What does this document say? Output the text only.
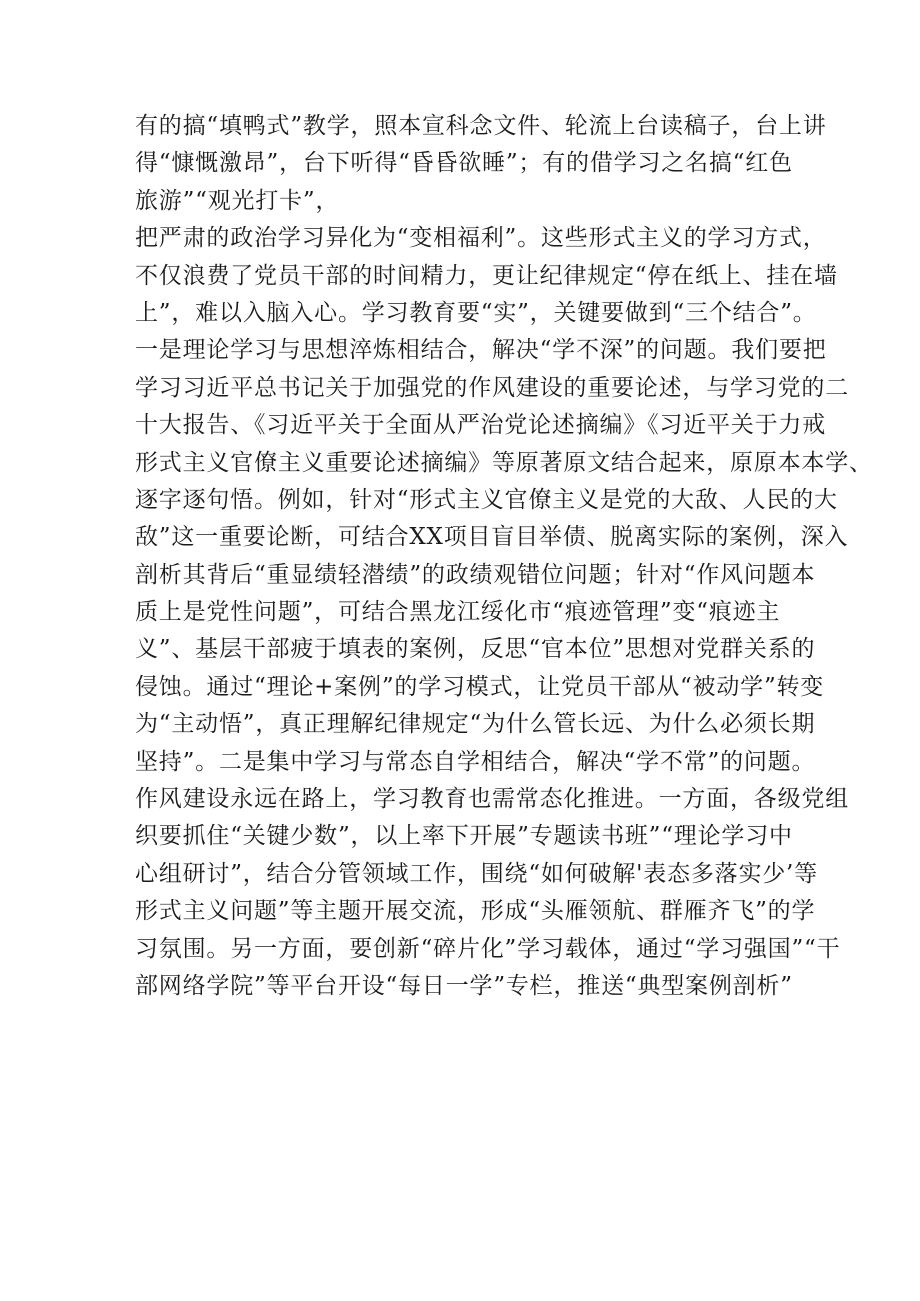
有的搞“填鸭式”教学，照本宣科念文件、轮流上台读稿子，台上讲
得“慷慨激昂”，台下听得“昏昏欲睡”；有的借学习之名搞“红色
旅游”“观光打卡”，
把严肃的政治学习异化为“变相福利”。这些形式主义的学习方式，
不仅浪费了党员干部的时间精力，更让纪律规定“停在纸上、挂在墙
上”，难以入脑入心。学习教育要“实”，关键要做到“三个结合”。
一是理论学习与思想淬炼相结合，解决“学不深”的问题。我们要把
学习习近平总书记关于加强党的作风建设的重要论述，与学习党的二
十大报告、《习近平关于全面从严治党论述摘编》《习近平关于力戒
形式主义官僚主义重要论述摘编》等原著原文结合起来，原原本本学、
逐字逐句悟。例如，针对“形式主义官僚主义是党的大敌、人民的大
敌”这一重要论断，可结合XX项目盲目举债、脱离实际的案例，深入
剖析其背后“重显绩轻潜绩”的政绩观错位问题；针对“作风问题本
质上是党性问题”，可结合黑龙江绥化市“痕迹管理”变“痕迹主
义”、基层干部疲于填表的案例，反思“官本位”思想对党群关系的
侵蚀。通过“理论+案例”的学习模式，让党员干部从“被动学”转变
为“主动悟”，真正理解纪律规定“为什么管长远、为什么必须长期
坚持”。二是集中学习与常态自学相结合，解决“学不常”的问题。
作风建设永远在路上，学习教育也需常态化推进。一方面，各级党组
织要抓住“关键少数”，以上率下开展”专题读书班”“理论学习中
心组研讨”，结合分管领域工作，围绕“如何破解'表态多落实少’等
形式主义问题”等主题开展交流，形成“头雁领航、群雁齐飞”的学
习氛围。另一方面，要创新“碎片化”学习载体，通过“学习强国”“干
部网络学院”等平台开设“每日一学”专栏，推送“典型案例剖析”
